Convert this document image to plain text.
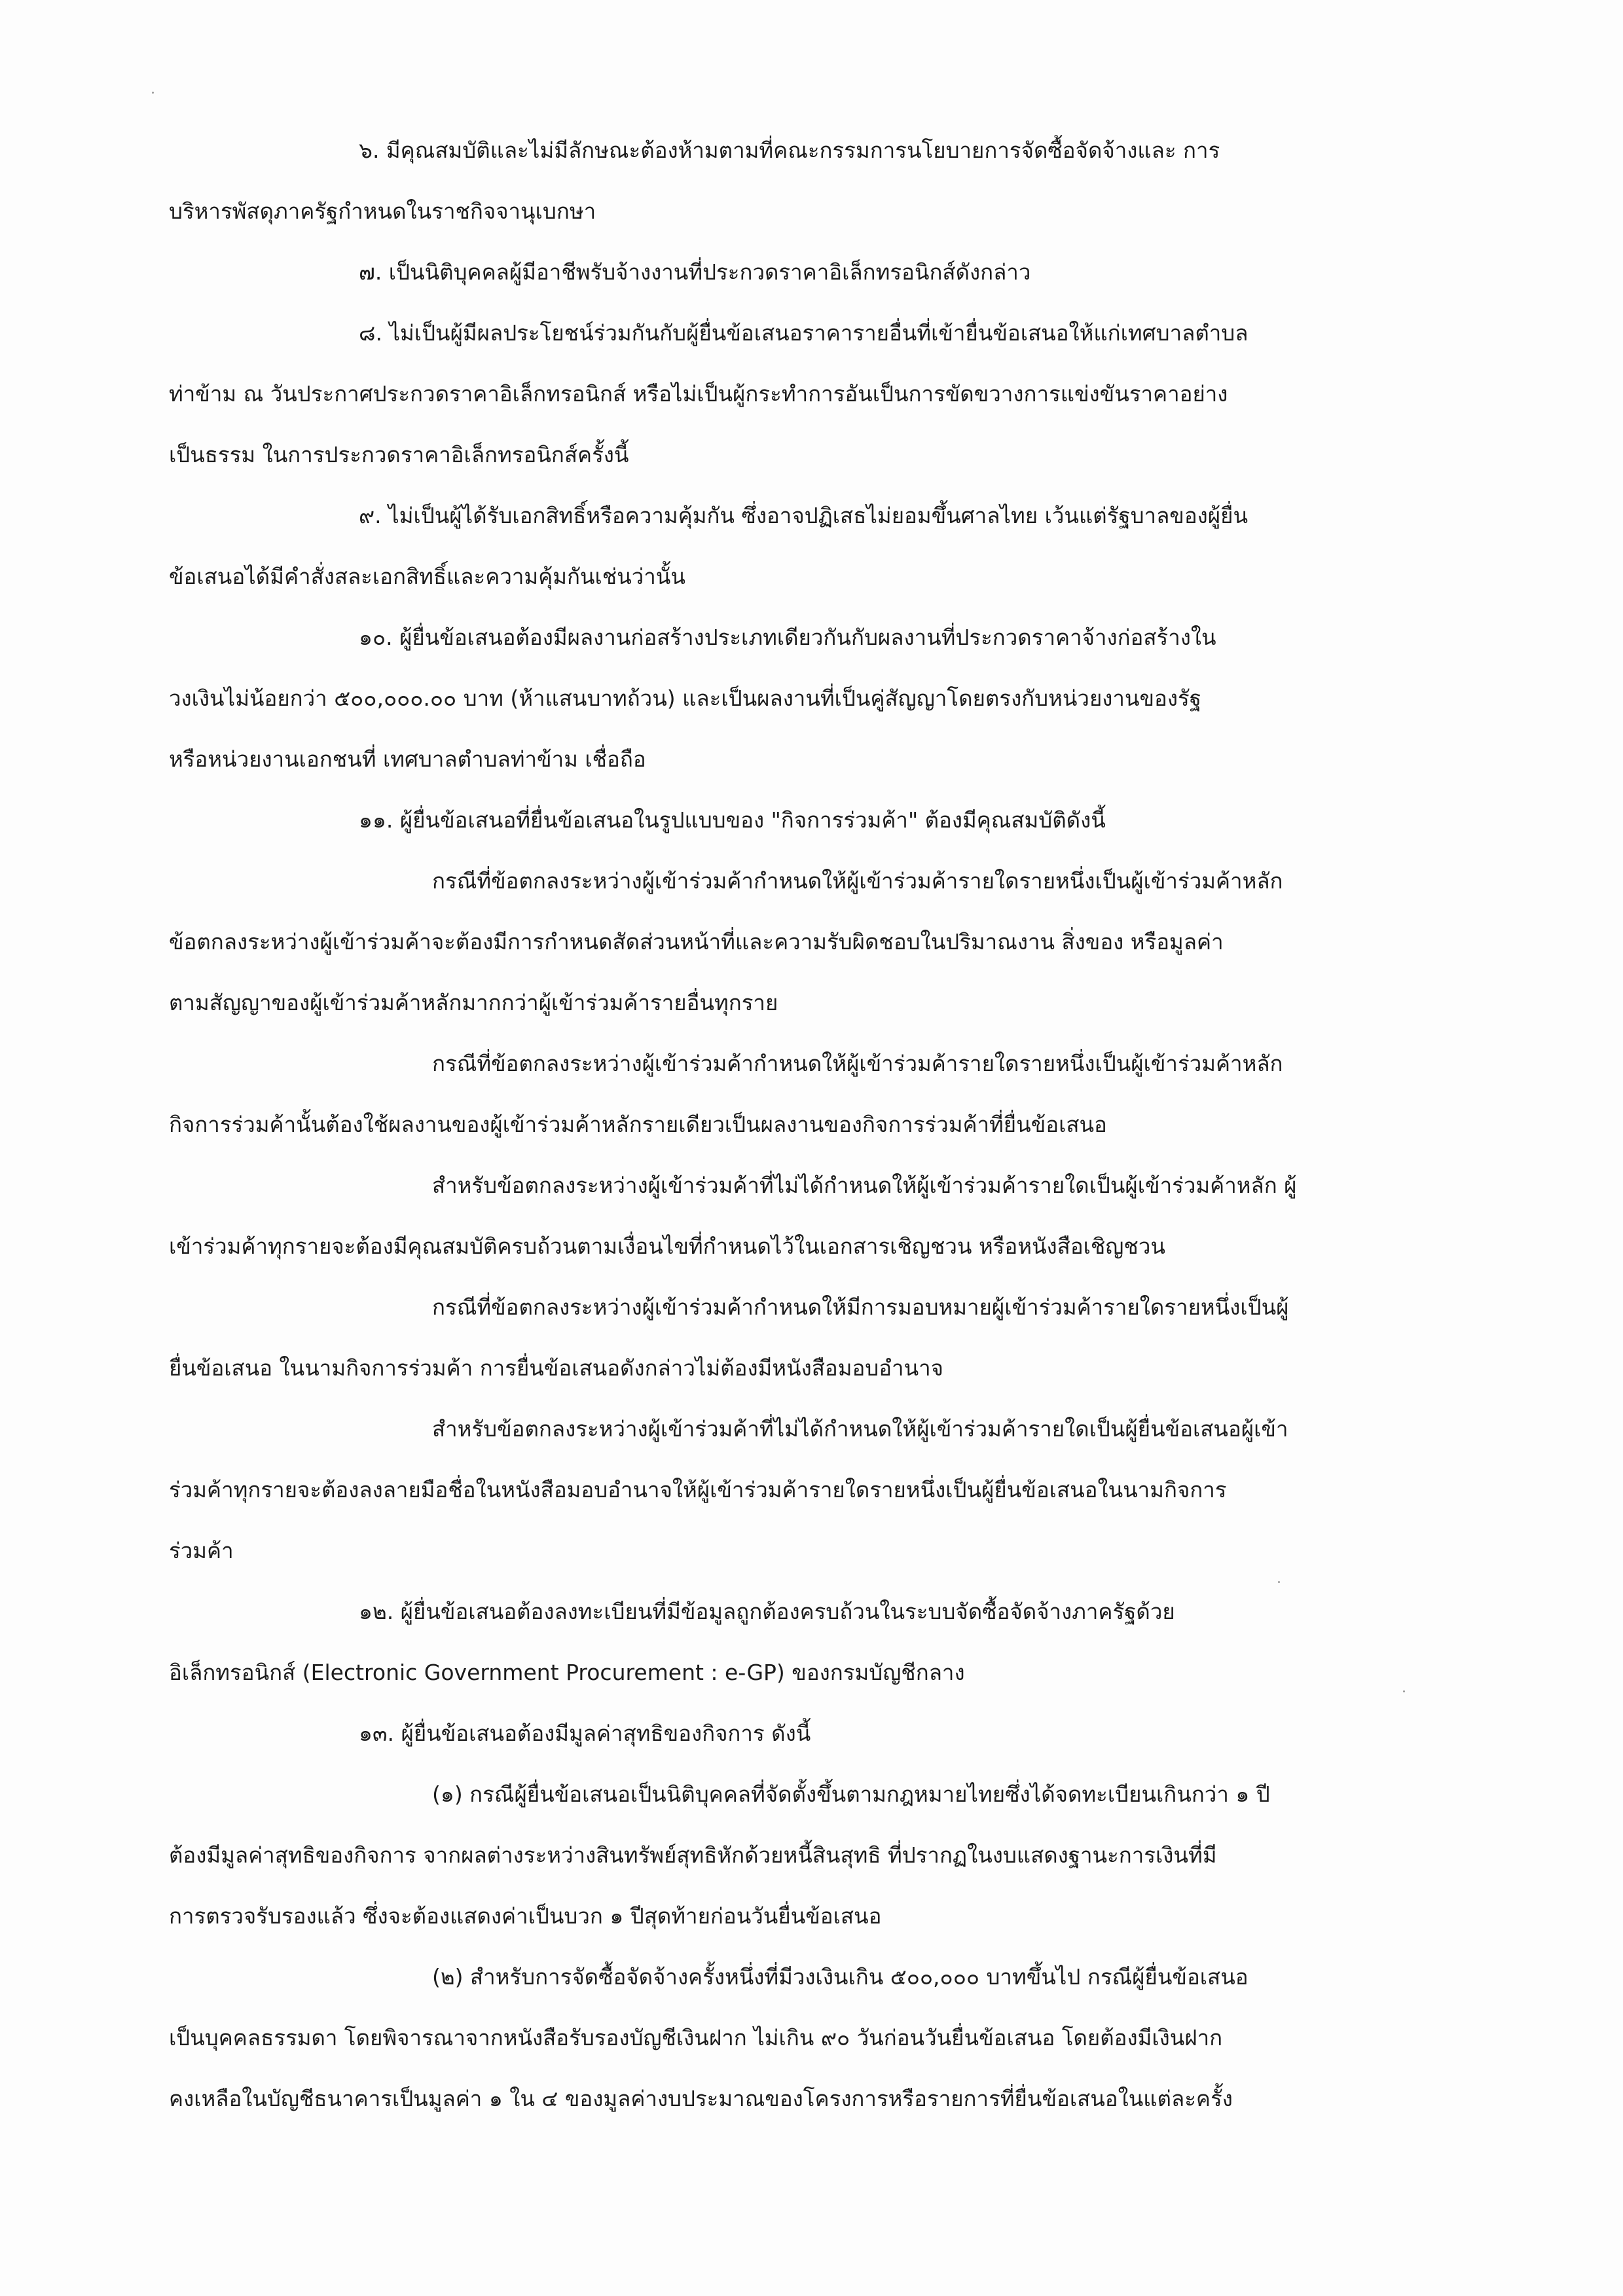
๖. มีคุณสมบัติและไม่มีลักษณะต้องห้ามตามที่คณะกรรมการนโยบายการจัดซื้อจัดจ้างและ การ
บริหารพัสดุภาครัฐกำหนดในราชกิจจานุเบกษา
๗. เป็นนิติบุคคลผู้มีอาชีพรับจ้างงานที่ประกวดราคาอิเล็กทรอนิกส์ดังกล่าว
๘. ไม่เป็นผู้มีผลประโยชน์ร่วมกันกับผู้ยื่นข้อเสนอราคารายอื่นที่เข้ายื่นข้อเสนอให้แก่เทศบาลตำบล
ท่าข้าม ณ วันประกาศประกวดราคาอิเล็กทรอนิกส์ หรือไม่เป็นผู้กระทำการอันเป็นการขัดขวางการแข่งขันราคาอย่าง
เป็นธรรม ในการประกวดราคาอิเล็กทรอนิกส์ครั้งนี้
๙. ไม่เป็นผู้ได้รับเอกสิทธิ์หรือความคุ้มกัน ซึ่งอาจปฏิเสธไม่ยอมขึ้นศาลไทย เว้นแต่รัฐบาลของผู้ยื่น
ข้อเสนอได้มีคำสั่งสละเอกสิทธิ์และความคุ้มกันเช่นว่านั้น
๑๐. ผู้ยื่นข้อเสนอต้องมีผลงานก่อสร้างประเภทเดียวกันกับผลงานที่ประกวดราคาจ้างก่อสร้างใน
วงเงินไม่น้อยกว่า ๕๐๐,๐๐๐.๐๐ บาท (ห้าแสนบาทถ้วน) และเป็นผลงานที่เป็นคู่สัญญาโดยตรงกับหน่วยงานของรัฐ
หรือหน่วยงานเอกชนที่ เทศบาลตำบลท่าข้าม เชื่อถือ
๑๑. ผู้ยื่นข้อเสนอที่ยื่นข้อเสนอในรูปแบบของ "กิจการร่วมค้า" ต้องมีคุณสมบัติดังนี้
กรณีที่ข้อตกลงระหว่างผู้เข้าร่วมค้ากำหนดให้ผู้เข้าร่วมค้ารายใดรายหนึ่งเป็นผู้เข้าร่วมค้าหลัก
ข้อตกลงระหว่างผู้เข้าร่วมค้าจะต้องมีการกำหนดสัดส่วนหน้าที่และความรับผิดชอบในปริมาณงาน สิ่งของ หรือมูลค่า
ตามสัญญาของผู้เข้าร่วมค้าหลักมากกว่าผู้เข้าร่วมค้ารายอื่นทุกราย
กรณีที่ข้อตกลงระหว่างผู้เข้าร่วมค้ากำหนดให้ผู้เข้าร่วมค้ารายใดรายหนึ่งเป็นผู้เข้าร่วมค้าหลัก
กิจการร่วมค้านั้นต้องใช้ผลงานของผู้เข้าร่วมค้าหลักรายเดียวเป็นผลงานของกิจการร่วมค้าที่ยื่นข้อเสนอ
สำหรับข้อตกลงระหว่างผู้เข้าร่วมค้าที่ไม่ได้กำหนดให้ผู้เข้าร่วมค้ารายใดเป็นผู้เข้าร่วมค้าหลัก ผู้
เข้าร่วมค้าทุกรายจะต้องมีคุณสมบัติครบถ้วนตามเงื่อนไขที่กำหนดไว้ในเอกสารเชิญชวน หรือหนังสือเชิญชวน
กรณีที่ข้อตกลงระหว่างผู้เข้าร่วมค้ากำหนดให้มีการมอบหมายผู้เข้าร่วมค้ารายใดรายหนึ่งเป็นผู้
ยื่นข้อเสนอ ในนามกิจการร่วมค้า การยื่นข้อเสนอดังกล่าวไม่ต้องมีหนังสือมอบอำนาจ
สำหรับข้อตกลงระหว่างผู้เข้าร่วมค้าที่ไม่ได้กำหนดให้ผู้เข้าร่วมค้ารายใดเป็นผู้ยื่นข้อเสนอผู้เข้า
ร่วมค้าทุกรายจะต้องลงลายมือชื่อในหนังสือมอบอำนาจให้ผู้เข้าร่วมค้ารายใดรายหนึ่งเป็นผู้ยื่นข้อเสนอในนามกิจการ
ร่วมค้า
๑๒. ผู้ยื่นข้อเสนอต้องลงทะเบียนที่มีข้อมูลถูกต้องครบถ้วนในระบบจัดซื้อจัดจ้างภาครัฐด้วย
อิเล็กทรอนิกส์ (Electronic Government Procurement : e-GP) ของกรมบัญชีกลาง
๑๓. ผู้ยื่นข้อเสนอต้องมีมูลค่าสุทธิของกิจการ ดังนี้
(๑) กรณีผู้ยื่นข้อเสนอเป็นนิติบุคคลที่จัดตั้งขึ้นตามกฎหมายไทยซึ่งได้จดทะเบียนเกินกว่า ๑ ปี
ต้องมีมูลค่าสุทธิของกิจการ จากผลต่างระหว่างสินทรัพย์สุทธิหักด้วยหนี้สินสุทธิ ที่ปรากฏในงบแสดงฐานะการเงินที่มี
การตรวจรับรองแล้ว ซึ่งจะต้องแสดงค่าเป็นบวก ๑ ปีสุดท้ายก่อนวันยื่นข้อเสนอ
(๒) สำหรับการจัดซื้อจัดจ้างครั้งหนึ่งที่มีวงเงินเกิน ๕๐๐,๐๐๐ บาทขึ้นไป กรณีผู้ยื่นข้อเสนอ
เป็นบุคคลธรรมดา โดยพิจารณาจากหนังสือรับรองบัญชีเงินฝาก ไม่เกิน ๙๐ วันก่อนวันยื่นข้อเสนอ โดยต้องมีเงินฝาก
คงเหลือในบัญชีธนาคารเป็นมูลค่า ๑ ใน ๔ ของมูลค่างบประมาณของโครงการหรือรายการที่ยื่นข้อเสนอในแต่ละครั้ง
